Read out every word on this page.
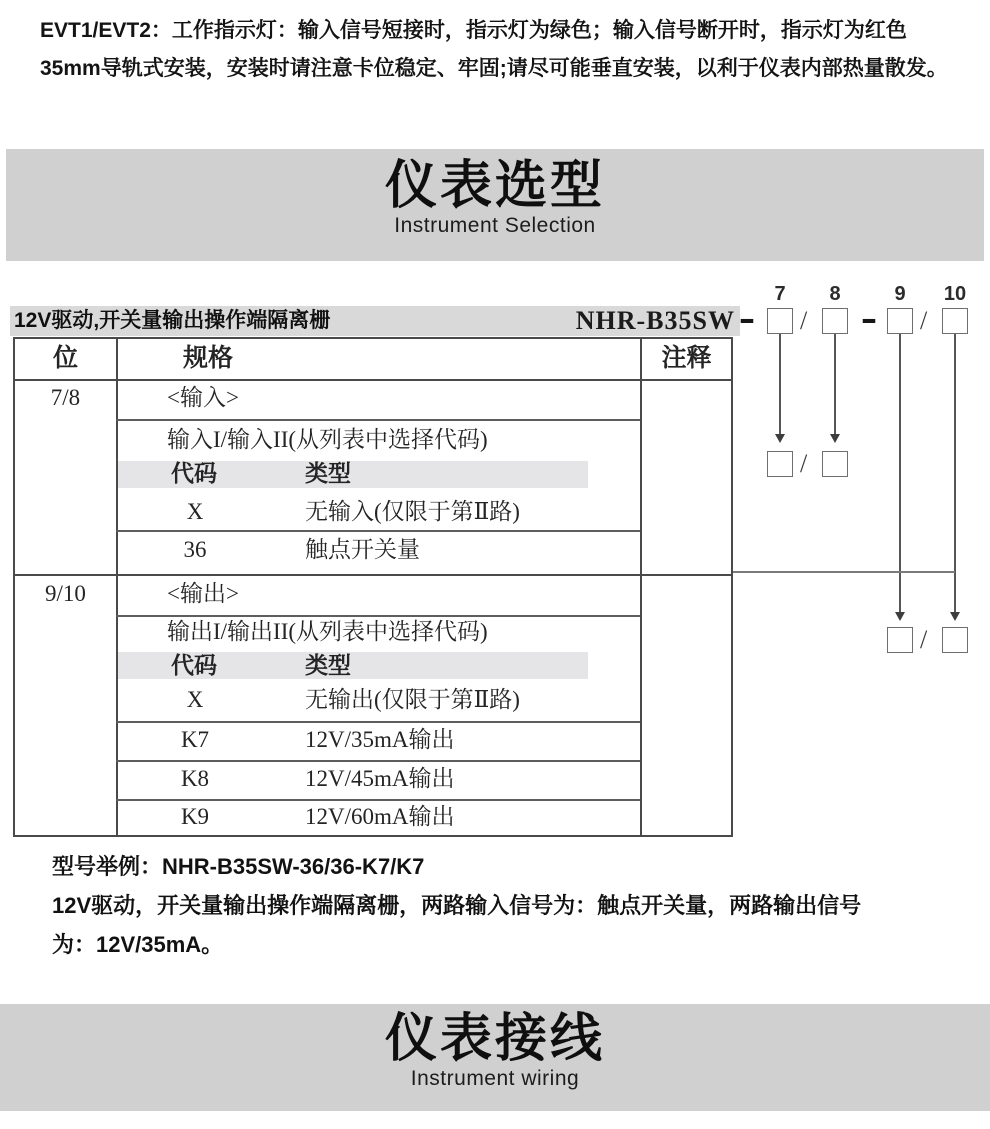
EVT1/EVT2：工作指示灯：输入信号短接时，指示灯为绿色；输入信号断开时，指示灯为红色
35mm导轨式安装，安装时请注意卡位稳定、牢固;请尽可能垂直安装，以利于仪表内部热量散发。
仪表选型
Instrument Selection
12V驱动,开关量输出操作端隔离栅	NHR-B35SW
7	8	9	10
– / – /
/
/
位	规格	注释
7/8	<输入>
输入I/输入II(从列表中选择代码)
代码	类型
X	无输入(仅限于第Ⅱ路)
36	触点开关量
9/10	<输出>
输出I/输出II(从列表中选择代码)
代码	类型
X	无输出(仅限于第Ⅱ路)
K7	12V/35mA输出
K8	12V/45mA输出
K9	12V/60mA输出
型号举例：NHR-B35SW-36/36-K7/K7
12V驱动，开关量输出操作端隔离栅，两路输入信号为：触点开关量，两路输出信号
为：12V/35mA。
仪表接线
Instrument wiring
